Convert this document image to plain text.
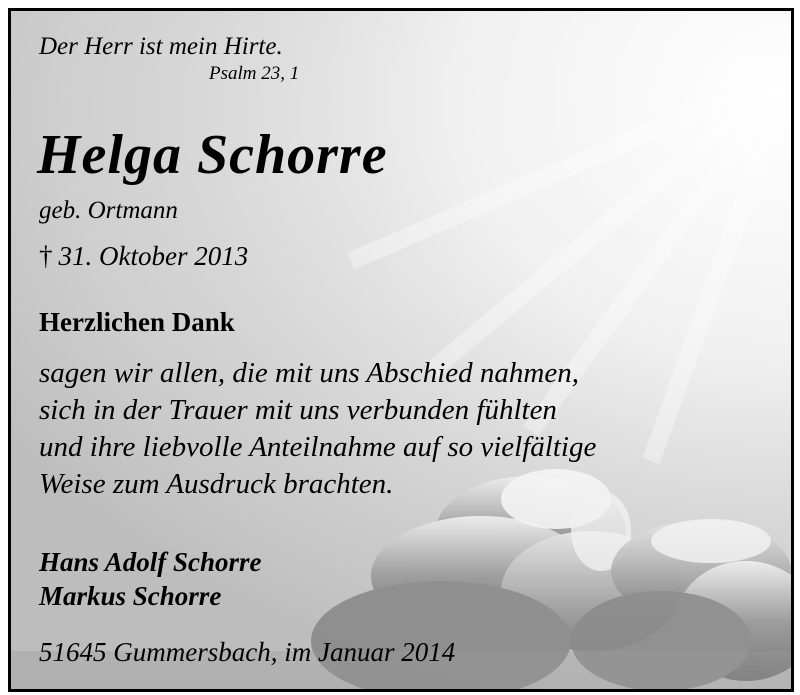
Der Herr ist mein Hirte.

Psalm 23, 1

Helga Schorre

geb. Ortmann

† 31. Oktober 2013

Herzlichen Dank

sagen wir allen, die mit uns Abschied nahmen,
sich in der Trauer mit uns verbunden fühlten
und ihre liebvolle Anteilnahme auf so vielfältige
Weise zum Ausdruck brachten.

Hans Adolf Schorre
Markus Schorre

51645 Gummersbach, im Januar 2014
